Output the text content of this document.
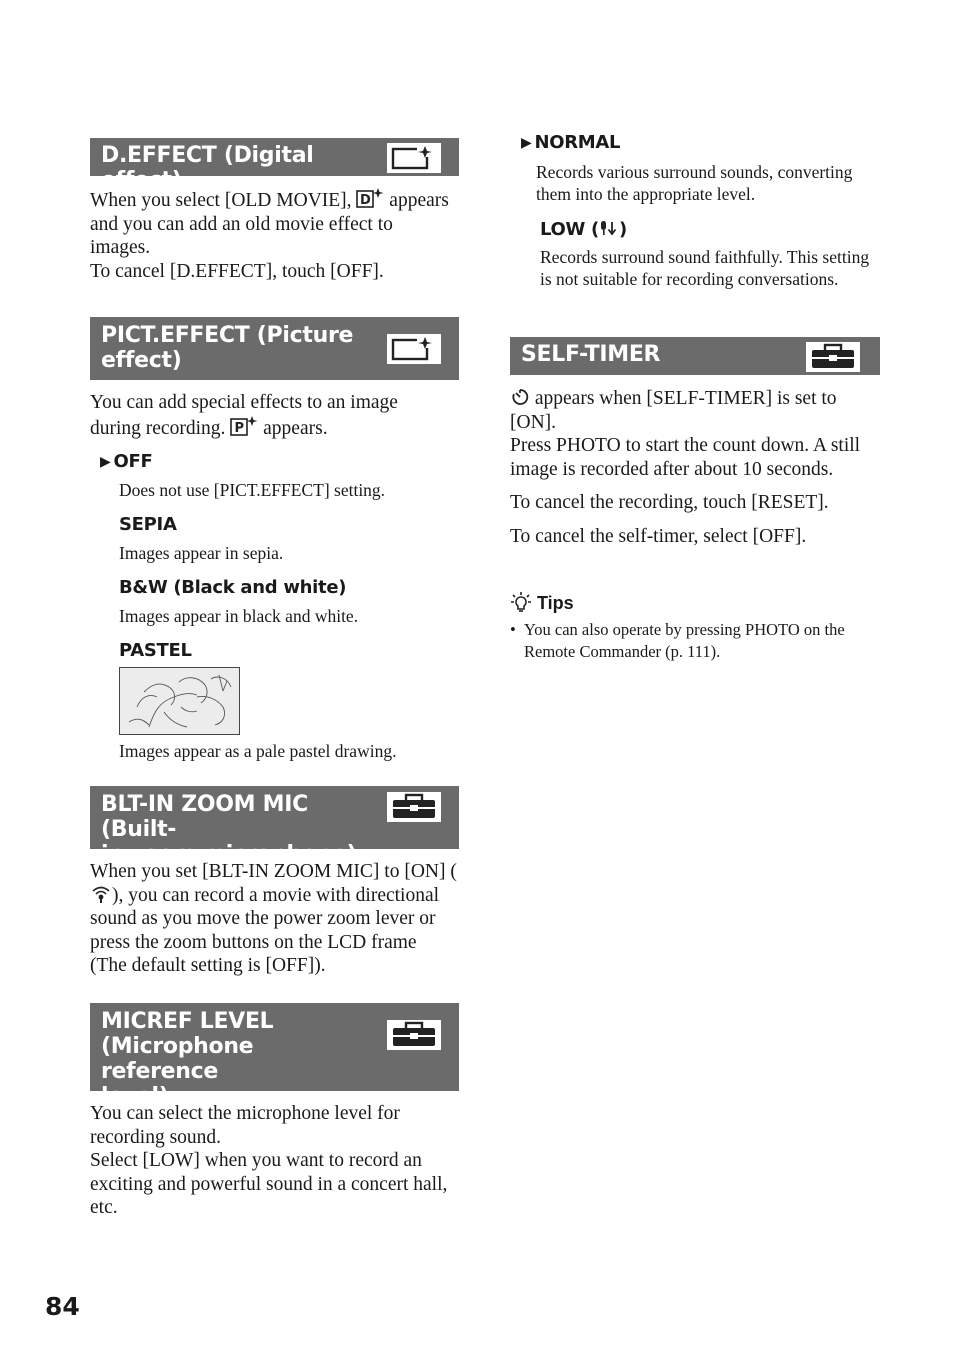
D.EFFECT (Digital effect)
When you select [OLD MOVIE], D appears and you can add an old movie effect to images.
To cancel [D.EFFECT], touch [OFF].
PICT.EFFECT (Picture
effect)
You can add special effects to an image during recording. P appears.
▶ OFF
Does not use [PICT.EFFECT] setting.
SEPIA
Images appear in sepia.
B&W (Black and white)
Images appear in black and white.
PASTEL
Images appear as a pale pastel drawing.
BLT-IN ZOOM MIC (Built-
in zoom microphone)
When you set [BLT-IN ZOOM MIC] to [ON] (), you can record a movie with directional sound as you move the power zoom lever or press the zoom buttons on the LCD frame (The default setting is [OFF]).
MICREF LEVEL
(Microphone reference
level)
You can select the microphone level for recording sound.
Select [LOW] when you want to record an exciting and powerful sound in a concert hall, etc.
84
▶ NORMAL
Records various surround sounds, converting them into the appropriate level.
LOW ( )
Records surround sound faithfully. This setting is not suitable for recording conversations.
SELF-TIMER
appears when [SELF-TIMER] is set to [ON].
Press PHOTO to start the count down. A still image is recorded after about 10 seconds.
To cancel the recording, touch [RESET].
To cancel the self-timer, select [OFF].
Tips
• You can also operate by pressing PHOTO on the Remote Commander (p. 111).
